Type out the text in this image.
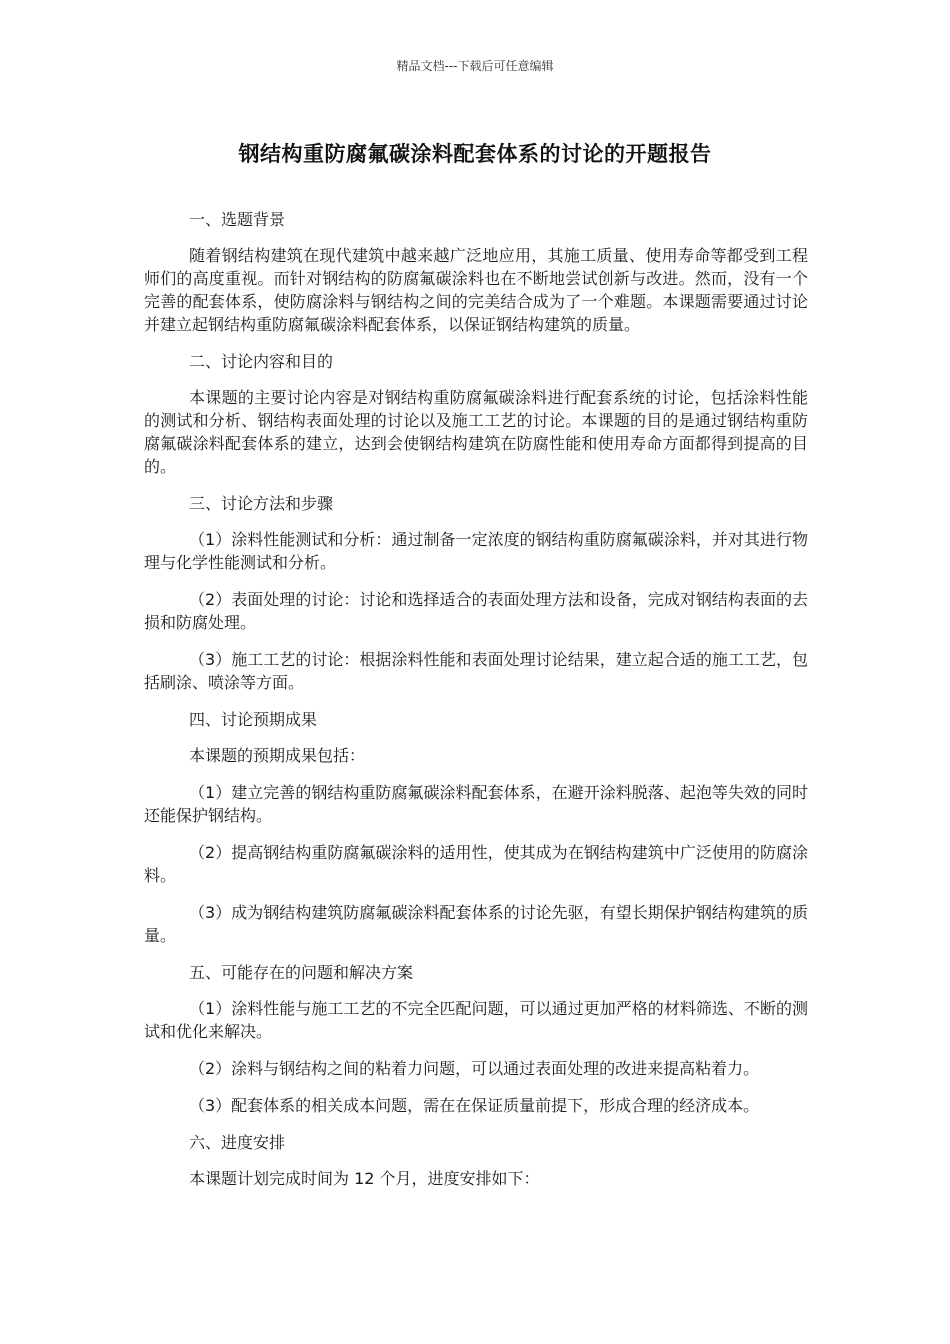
精品文档---下载后可任意编辑
钢结构重防腐氟碳涂料配套体系的讨论的开题报告
一、选题背景
随着钢结构建筑在现代建筑中越来越广泛地应用，其施工质量、使用寿命等都受到工程师们的高度重视。而针对钢结构的防腐氟碳涂料也在不断地尝试创新与改进。然而，没有一个完善的配套体系，使防腐涂料与钢结构之间的完美结合成为了一个难题。本课题需要通过讨论并建立起钢结构重防腐氟碳涂料配套体系，以保证钢结构建筑的质量。
二、讨论内容和目的
本课题的主要讨论内容是对钢结构重防腐氟碳涂料进行配套系统的讨论，包括涂料性能的测试和分析、钢结构表面处理的讨论以及施工工艺的讨论。本课题的目的是通过钢结构重防腐氟碳涂料配套体系的建立，达到会使钢结构建筑在防腐性能和使用寿命方面都得到提高的目的。
三、讨论方法和步骤
（1）涂料性能测试和分析：通过制备一定浓度的钢结构重防腐氟碳涂料，并对其进行物理与化学性能测试和分析。
（2）表面处理的讨论：讨论和选择适合的表面处理方法和设备，完成对钢结构表面的去损和防腐处理。
（3）施工工艺的讨论：根据涂料性能和表面处理讨论结果，建立起合适的施工工艺，包括刷涂、喷涂等方面。
四、讨论预期成果
本课题的预期成果包括：
（1）建立完善的钢结构重防腐氟碳涂料配套体系，在避开涂料脱落、起泡等失效的同时还能保护钢结构。
（2）提高钢结构重防腐氟碳涂料的适用性，使其成为在钢结构建筑中广泛使用的防腐涂料。
（3）成为钢结构建筑防腐氟碳涂料配套体系的讨论先驱，有望长期保护钢结构建筑的质量。
五、可能存在的问题和解决方案
（1）涂料性能与施工工艺的不完全匹配问题，可以通过更加严格的材料筛选、不断的测试和优化来解决。
（2）涂料与钢结构之间的粘着力问题，可以通过表面处理的改进来提高粘着力。
（3）配套体系的相关成本问题，需在在保证质量前提下，形成合理的经济成本。
六、进度安排
本课题计划完成时间为 12 个月，进度安排如下：
